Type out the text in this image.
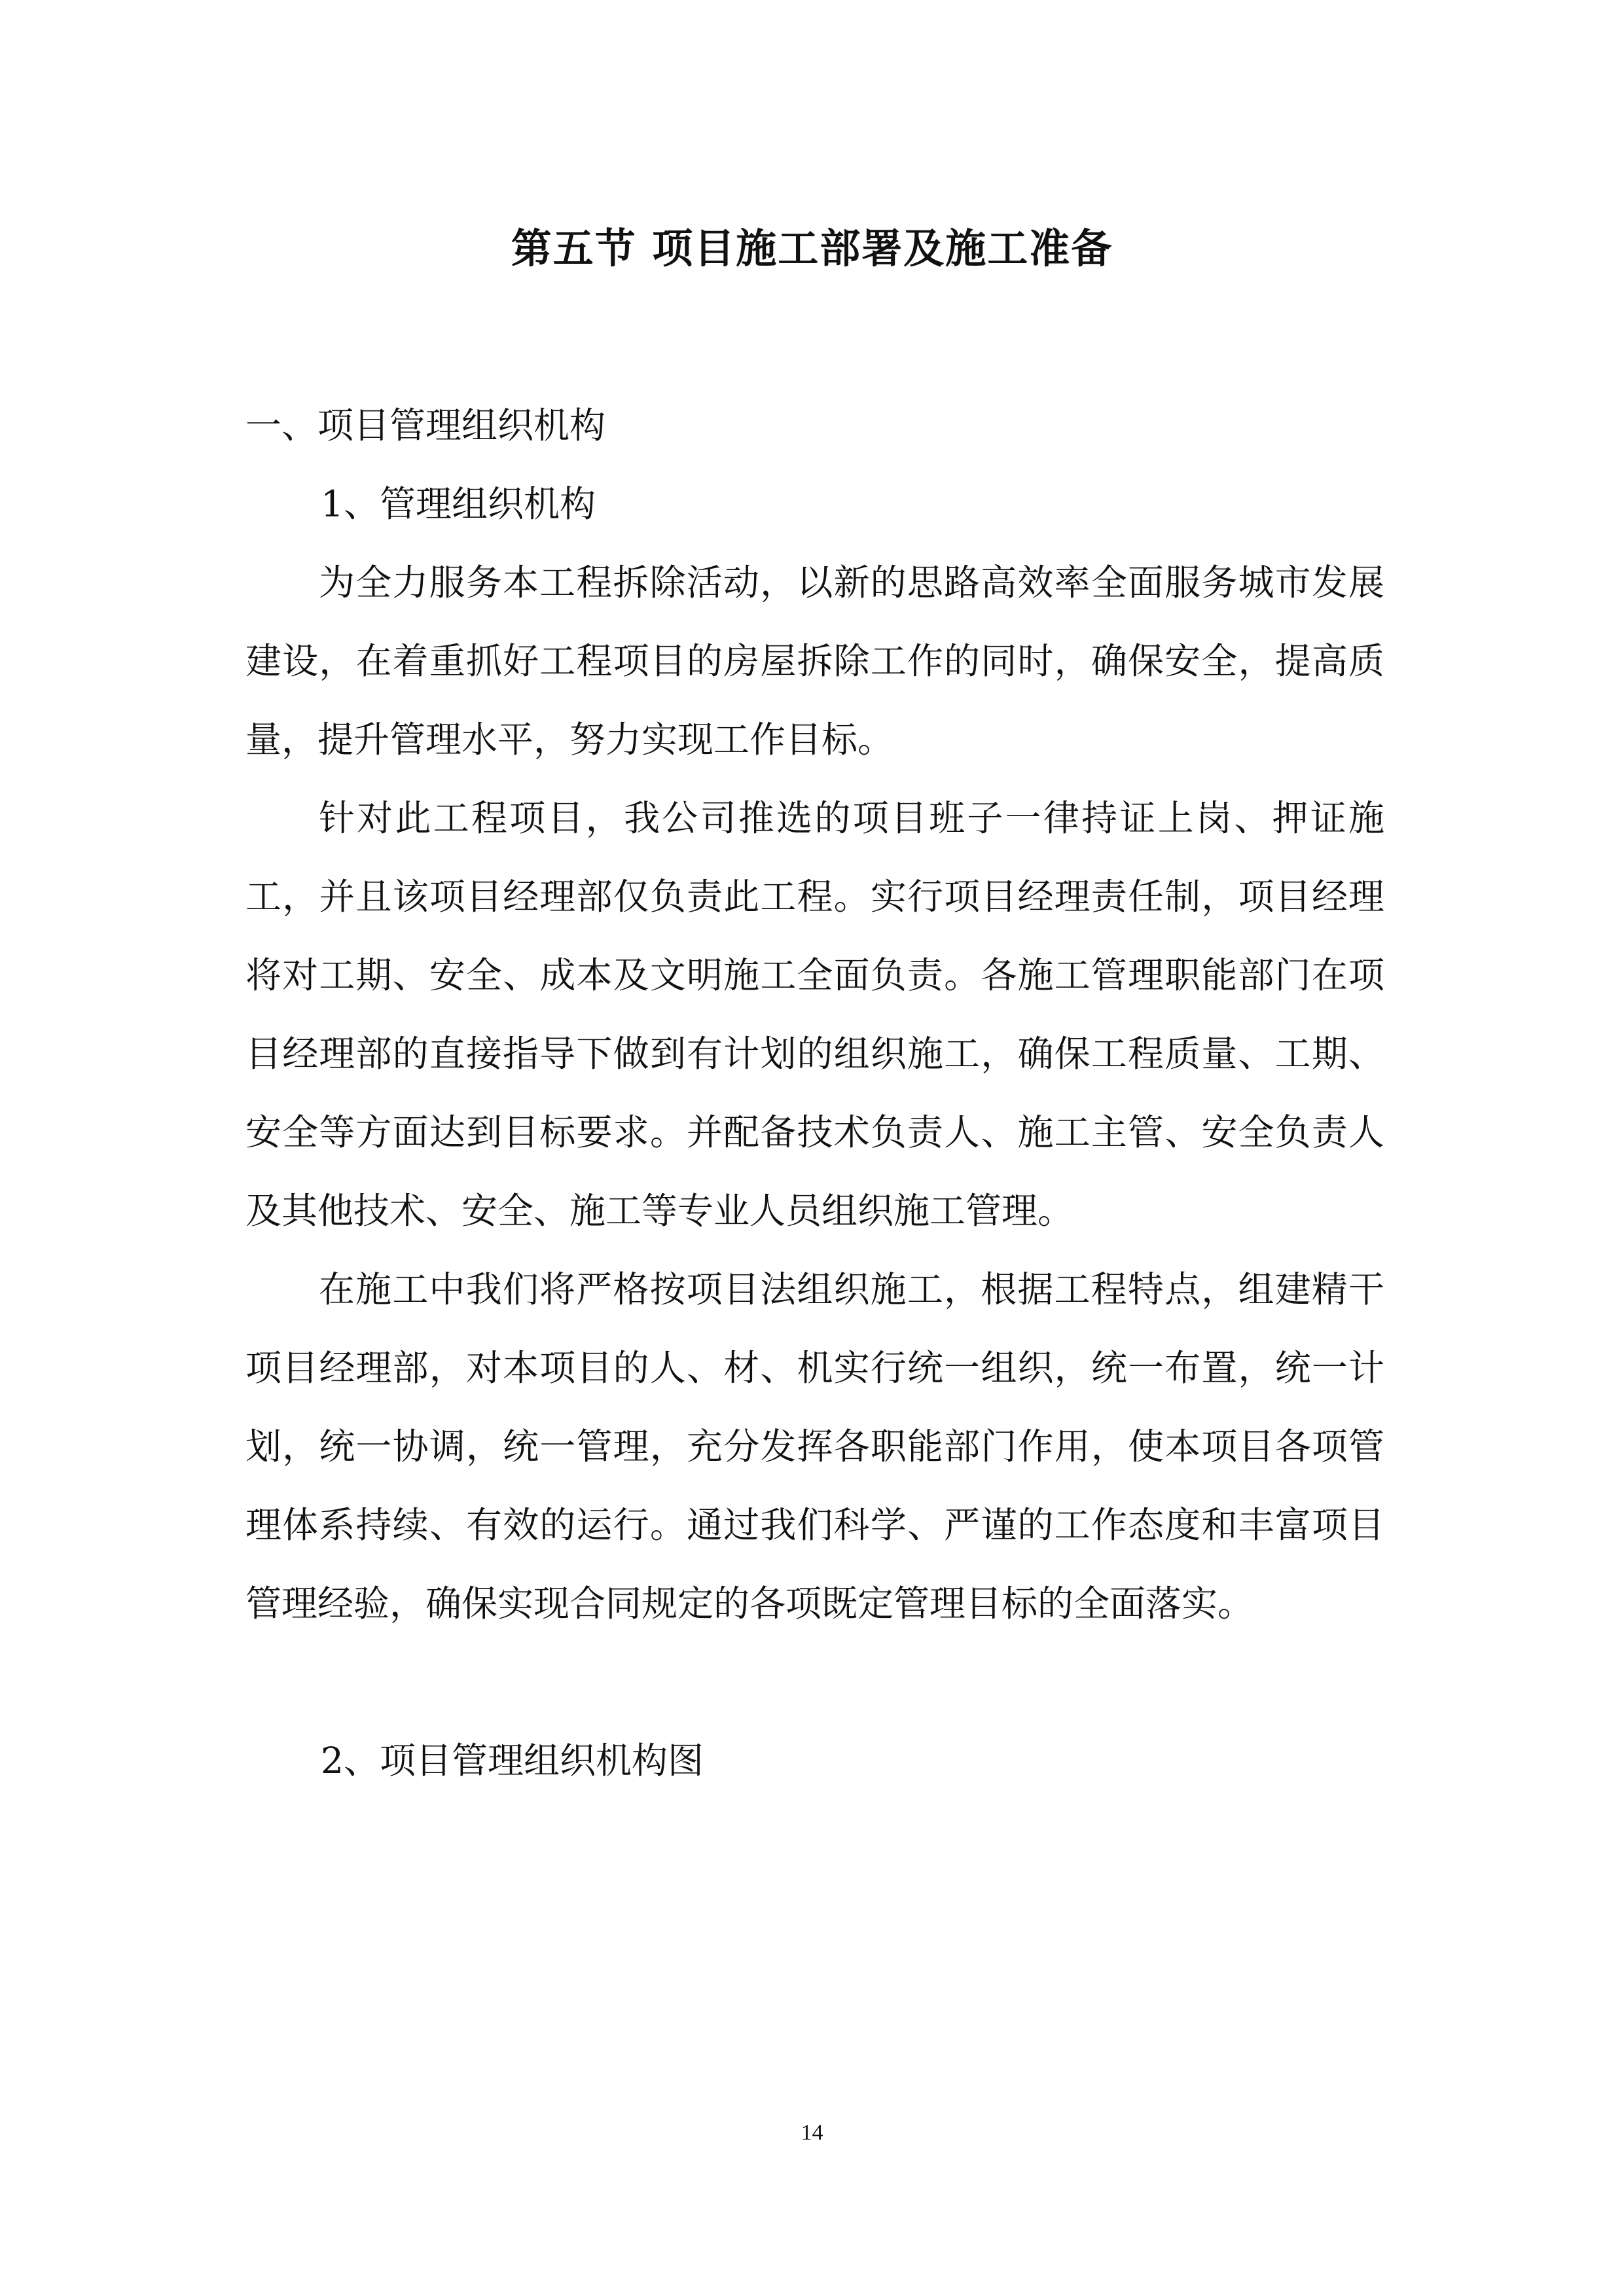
第五节 项目施工部署及施工准备
一、项目管理组织机构
1、管理组织机构
为全力服务本工程拆除活动，以新的思路高效率全面服务城市发展建设，在着重抓好工程项目的房屋拆除工作的同时，确保安全，提高质量，提升管理水平，努力实现工作目标。
针对此工程项目，我公司推选的项目班子一律持证上岗、押证施工，并且该项目经理部仅负责此工程。实行项目经理责任制，项目经理将对工期、安全、成本及文明施工全面负责。各施工管理职能部门在项目经理部的直接指导下做到有计划的组织施工，确保工程质量、工期、安全等方面达到目标要求。并配备技术负责人、施工主管、安全负责人及其他技术、安全、施工等专业人员组织施工管理。
在施工中我们将严格按项目法组织施工，根据工程特点，组建精干项目经理部，对本项目的人、材、机实行统一组织，统一布置，统一计划，统一协调，统一管理，充分发挥各职能部门作用，使本项目各项管理体系持续、有效的运行。通过我们科学、严谨的工作态度和丰富项目管理经验，确保实现合同规定的各项既定管理目标的全面落实。
2、项目管理组织机构图
14
